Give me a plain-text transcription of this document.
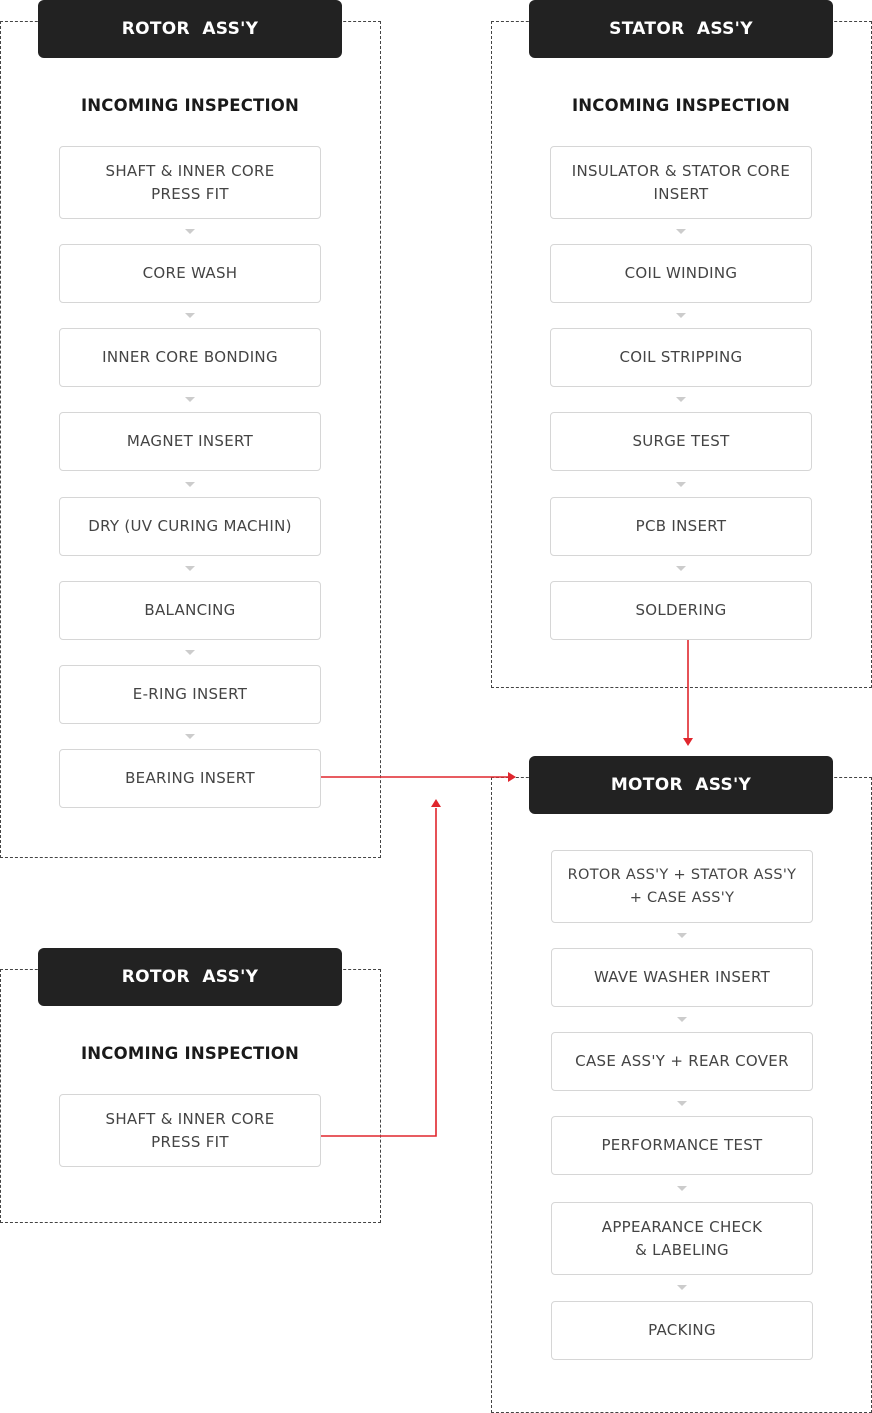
ROTOR  ASS'Y
INCOMING INSPECTION
SHAFT & INNER CORE
PRESS FIT
CORE WASH
INNER CORE BONDING
MAGNET INSERT
DRY (UV CURING MACHIN)
BALANCING
E-RING INSERT
BEARING INSERT
STATOR  ASS'Y
INCOMING INSPECTION
INSULATOR & STATOR CORE
INSERT
COIL WINDING
COIL STRIPPING
SURGE TEST
PCB INSERT
SOLDERING
ROTOR  ASS'Y
INCOMING INSPECTION
SHAFT & INNER CORE
PRESS FIT
MOTOR  ASS'Y
ROTOR ASS'Y + STATOR ASS'Y
+ CASE ASS'Y
WAVE WASHER INSERT
CASE ASS'Y + REAR COVER
PERFORMANCE TEST
APPEARANCE CHECK
& LABELING
PACKING
